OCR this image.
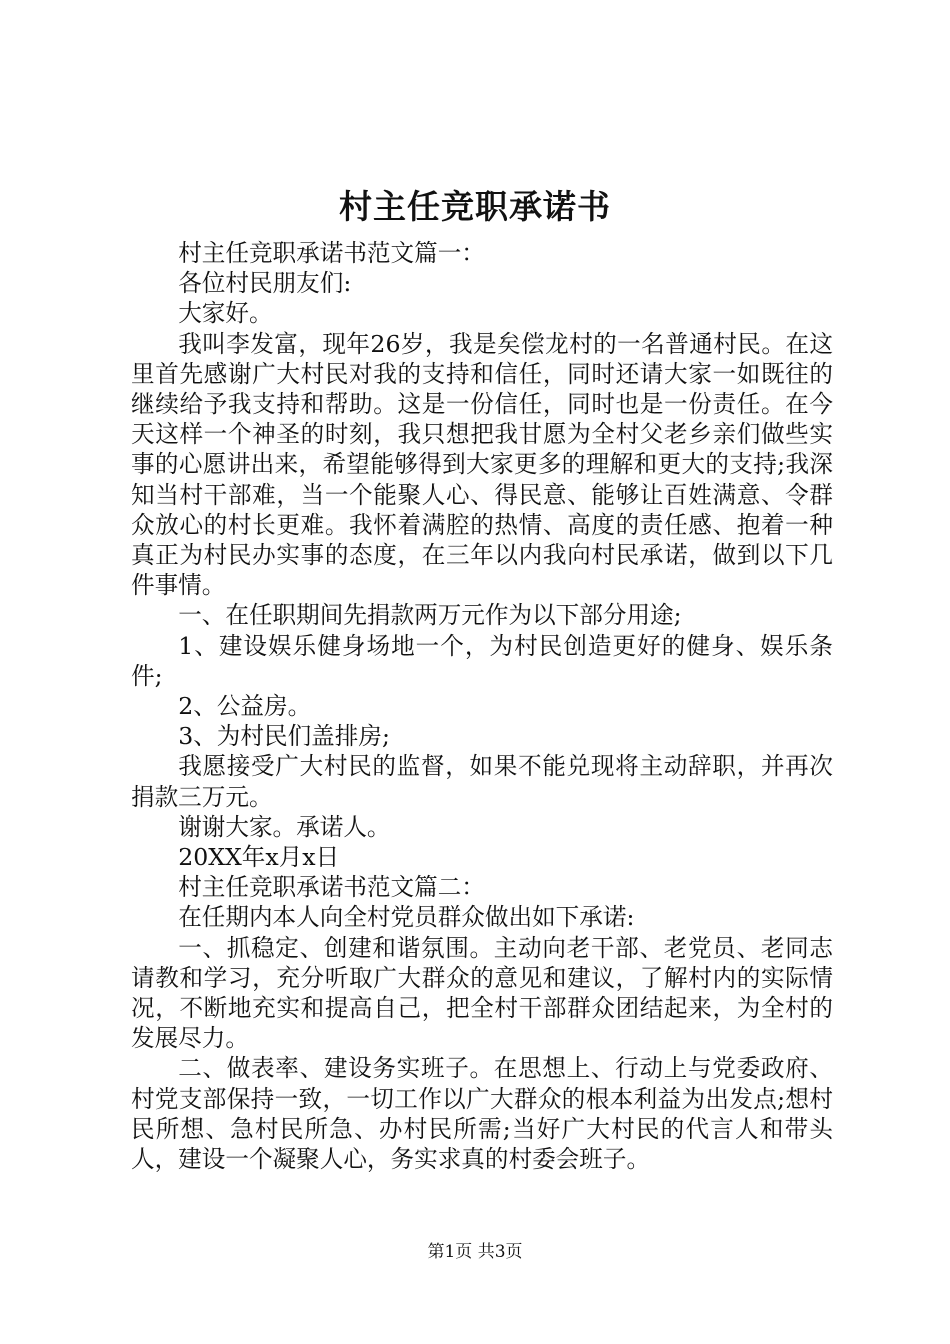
村主任竞职承诺书

村主任竞职承诺书范文篇一：

各位村民朋友们:

大家好。

我叫李发富，现年26岁，我是矣偿龙村的一名普通村民。在这里首先感谢广大村民对我的支持和信任，同时还请大家一如既往的继续给予我支持和帮助。这是一份信任，同时也是一份责任。在今天这样一个神圣的时刻，我只想把我甘愿为全村父老乡亲们做些实事的心愿讲出来，希望能够得到大家更多的理解和更大的支持;我深知当村干部难，当一个能聚人心、得民意、能够让百姓满意、令群众放心的村长更难。我怀着满腔的热情、高度的责任感、抱着一种真正为村民办实事的态度，在三年以内我向村民承诺，做到以下几件事情。

一、在任职期间先捐款两万元作为以下部分用途;

1、建设娱乐健身场地一个，为村民创造更好的健身、娱乐条件;

2、公益房。

3、为村民们盖排房;

我愿接受广大村民的监督，如果不能兑现将主动辞职，并再次捐款三万元。

谢谢大家。承诺人。

20XX年x月x日

村主任竞职承诺书范文篇二：

在任期内本人向全村党员群众做出如下承诺:

一、抓稳定、创建和谐氛围。主动向老干部、老党员、老同志请教和学习，充分听取广大群众的意见和建议，了解村内的实际情况，不断地充实和提高自己，把全村干部群众团结起来，为全村的发展尽力。

二、做表率、建设务实班子。在思想上、行动上与党委政府、村党支部保持一致，一切工作以广大群众的根本利益为出发点;想村民所想、急村民所急、办村民所需;当好广大村民的代言人和带头人，建设一个凝聚人心，务实求真的村委会班子。

第1页 共3页
